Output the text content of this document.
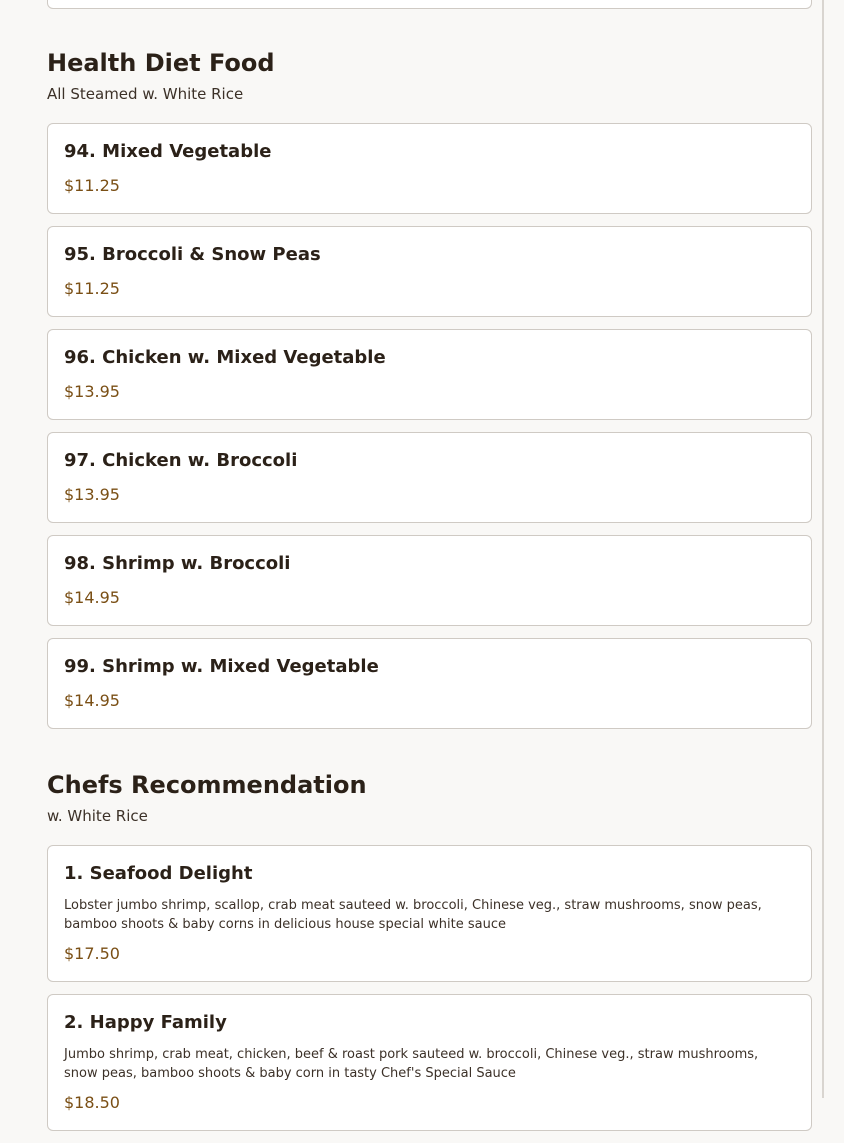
Health Diet Food
All Steamed w. White Rice
94. Mixed Vegetable
$11.25
95. Broccoli & Snow Peas
$11.25
96. Chicken w. Mixed Vegetable
$13.95
97. Chicken w. Broccoli
$13.95
98. Shrimp w. Broccoli
$14.95
99. Shrimp w. Mixed Vegetable
$14.95
Chefs Recommendation
w. White Rice
1. Seafood Delight
Lobster jumbo shrimp, scallop, crab meat sauteed w. broccoli, Chinese veg., straw mushrooms, snow peas, bamboo shoots & baby corns in delicious house special white sauce
$17.50
2. Happy Family
Jumbo shrimp, crab meat, chicken, beef & roast pork sauteed w. broccoli, Chinese veg., straw mushrooms, snow peas, bamboo shoots & baby corn in tasty Chef's Special Sauce
$18.50
